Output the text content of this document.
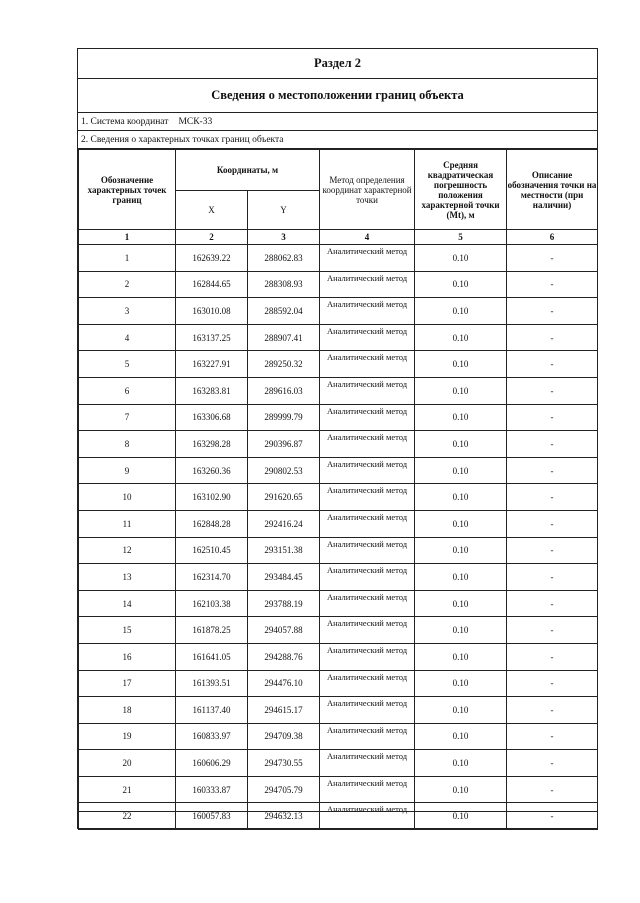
Раздел 2
Сведения о местоположении границ объекта
1. Система координат МСК-33
2. Сведения о характерных точках границ объекта
Обозначение характерных точек границ	Координаты, м		Метод определения координат характерной точки	Средняя квадратическая погрешность положения характерной точки (Mt), м	Описание обозначения точки на местности (при наличии)
	X	Y			
1	2	3	4	5	6
1	162639.22	288062.83	Аналитический метод	0.10	-
2	162844.65	288308.93	Аналитический метод	0.10	-
3	163010.08	288592.04	Аналитический метод	0.10	-
4	163137.25	288907.41	Аналитический метод	0.10	-
5	163227.91	289250.32	Аналитический метод	0.10	-
6	163283.81	289616.03	Аналитический метод	0.10	-
7	163306.68	289999.79	Аналитический метод	0.10	-
8	163298.28	290396.87	Аналитический метод	0.10	-
9	163260.36	290802.53	Аналитический метод	0.10	-
10	163102.90	291620.65	Аналитический метод	0.10	-
11	162848.28	292416.24	Аналитический метод	0.10	-
12	162510.45	293151.38	Аналитический метод	0.10	-
13	162314.70	293484.45	Аналитический метод	0.10	-
14	162103.38	293788.19	Аналитический метод	0.10	-
15	161878.25	294057.88	Аналитический метод	0.10	-
16	161641.05	294288.76	Аналитический метод	0.10	-
17	161393.51	294476.10	Аналитический метод	0.10	-
18	161137.40	294615.17	Аналитический метод	0.10	-
19	160833.97	294709.38	Аналитический метод	0.10	-
20	160606.29	294730.55	Аналитический метод	0.10	-
21	160333.87	294705.79	Аналитический метод	0.10	-
22	160057.83	294632.13	Аналитический метод	0.10	-
